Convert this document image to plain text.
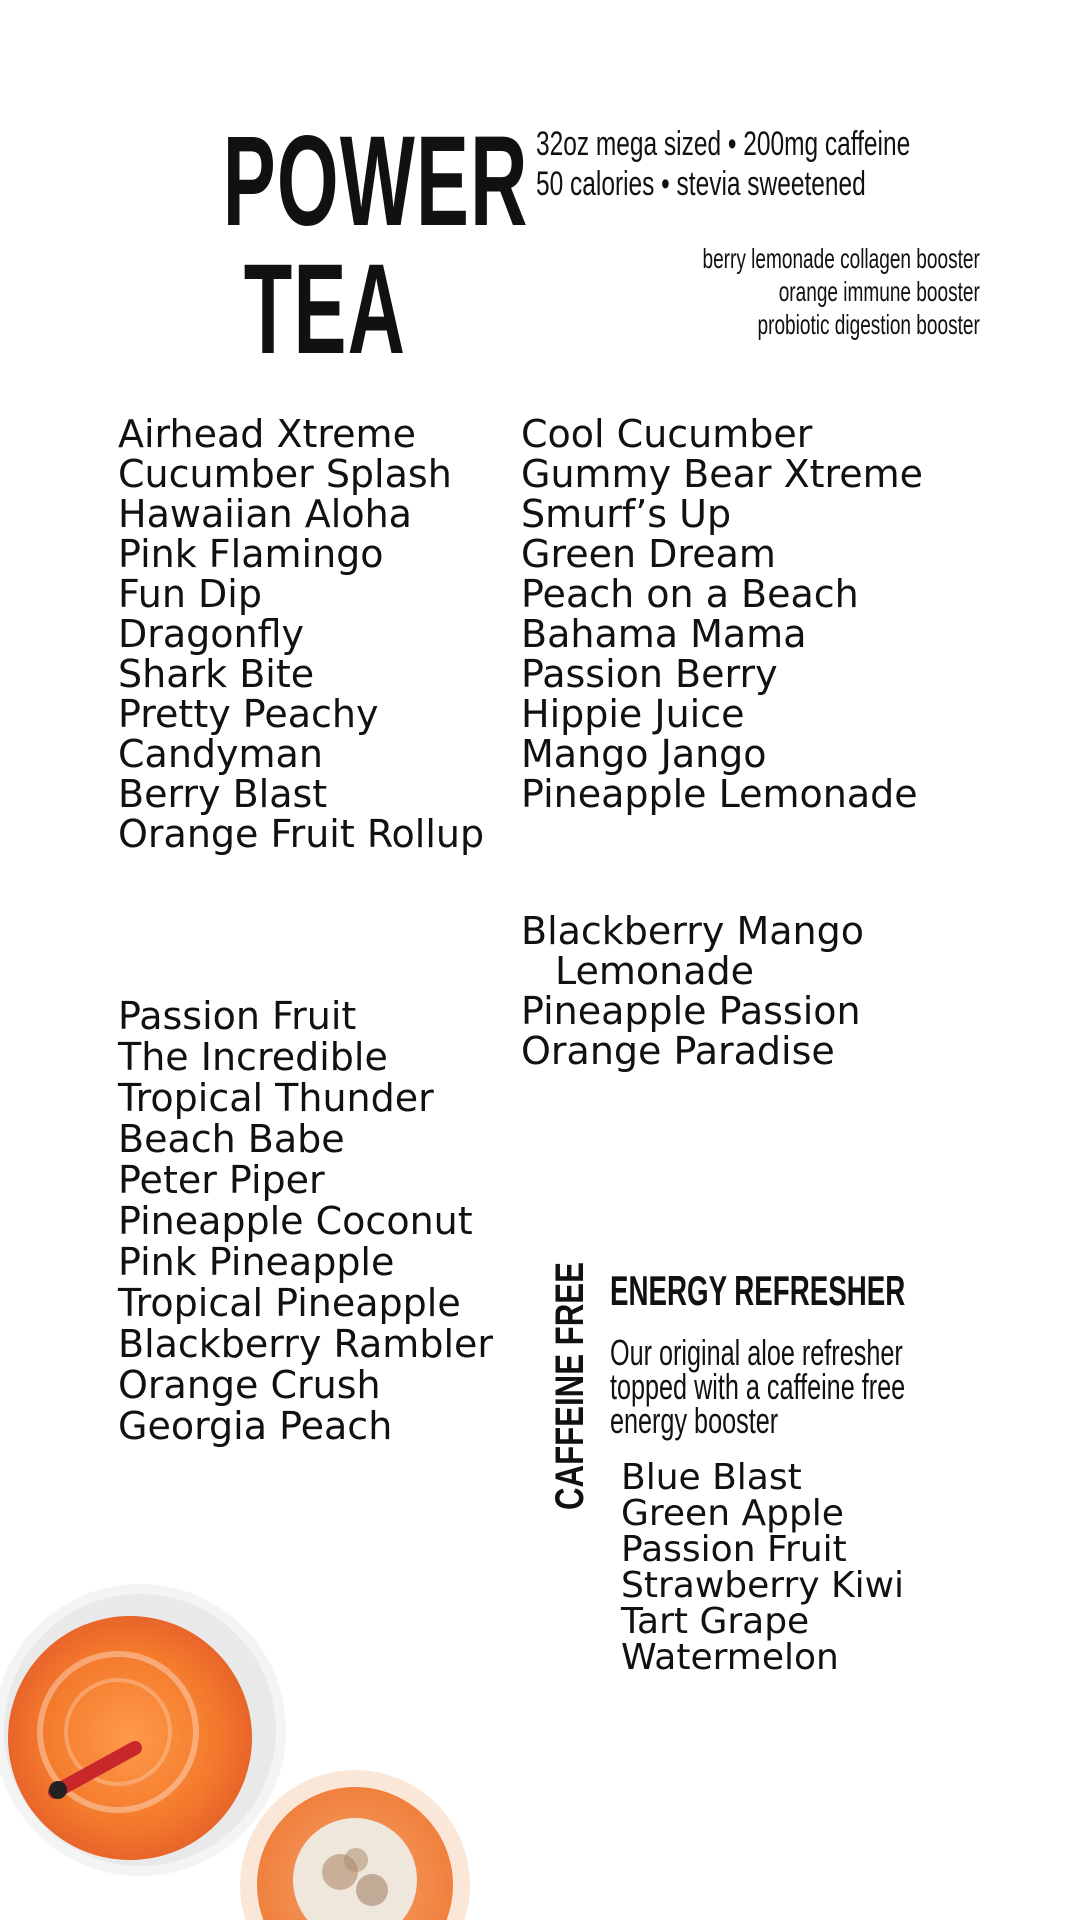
POWER
TEA
32oz mega sized • 200mg caffeine
50 calories • stevia sweetened
berry lemonade collagen booster
orange immune booster
probiotic digestion booster
Airhead Xtreme
Cucumber Splash
Hawaiian Aloha
Pink Flamingo
Fun Dip
Dragonfly
Shark Bite
Pretty Peachy
Candyman
Berry Blast
Orange Fruit Rollup
Cool Cucumber
Gummy Bear Xtreme
Smurf’s Up
Green Dream
Peach on a Beach
Bahama Mama
Passion Berry
Hippie Juice
Mango Jango
Pineapple Lemonade
Blackberry Mango
Lemonade
Pineapple Passion
Orange Paradise
Passion Fruit
The Incredible
Tropical Thunder
Beach Babe
Peter Piper
Pineapple Coconut
Pink Pineapple
Tropical Pineapple
Blackberry Rambler
Orange Crush
Georgia Peach	CAFFEINE FREE ENERGY REFRESHER
Our original aloe refresher
topped with a caffeine free
energy booster
Blue Blast
Green Apple
Passion Fruit
Strawberry Kiwi
Tart Grape
Watermelon
